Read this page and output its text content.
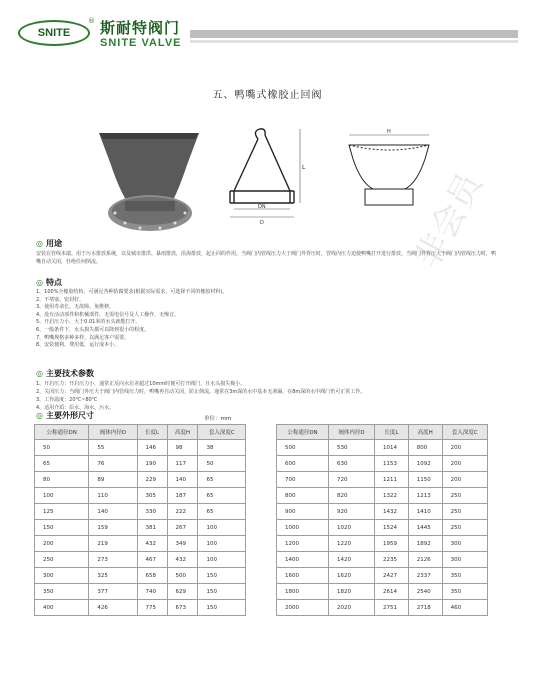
非会员
SNITE
® 斯耐特阀门
SNITE VALVE
五、鸭嘴式橡胶止回阀
L
DN
D
H
◎ 用途
安装在管线末端。用于污水排放系统，以及城市排洪、暴雨排放，沿海排放，起止回的作用。当阀门内管线压力大于阀门外背压时，管线内压力迫使鸭嘴打开进行排放。当阀门外背压大于阀门内管线压力时，鸭嘴自动关闭，杜绝任何倒流。
◎ 特点
1、100%全橡胶结构，可满足各种防腐要求(根据实际需求，可选择不同的橡胶材料)。
2、不堵塞、密封好。
3、使用寿命长，无故障、免维修。
4、没有活动部件和机械部件，无需电信号及人工操作，无噪音。
5、开启压力小，大于0.01米的水头就能打开。
6、一般条件下，水头损失都可以降到很小的程度。
7、鸭嘴规格多种多样，以满足客户需要。
8、安装便利，费用低，运行成本小。
◎ 主要技术参数
1、开启压力：开启压力小，通常正反向水位差超过10mm时便可打开阀门，且水头损失极小。
2、关闭压力：当阀门外压大于阀门内管线压力时，鸭嘴再自动关闭，防止倒流。通常在3m深的水中基本无渗漏，在8m深的水中阀门仍可正常工作。
3、工作温度：20℃~80℃
4、适用介质：原水、海水、污水。
◎ 主要外形尺寸	单位：mm
公称通径DN	阀体内径D	长度L	高度H	套入深度C
50	55	146	98	38
65	76	190	117	50
80	89	229	140	65
100	110	305	187	65
125	140	330	222	65
150	159	381	267	100
200	219	432	349	100
250	273	467	432	100
300	325	658	500	150
350	377	740	629	150
400	426	775	673	150
公称通径DN	阀体内径D	长度L	高度H	套入深度C
500	530	1014	800	200
600	630	1153	1092	200
700	720	1211	1150	200
800	820	1322	1213	250
900	920	1432	1410	250
1000	1020	1524	1445	250
1200	1220	1959	1892	300
1400	1420	2235	2126	300
1600	1620	2427	2337	350
1800	1820	2614	2540	350
2000	2020	2751	2718	460
